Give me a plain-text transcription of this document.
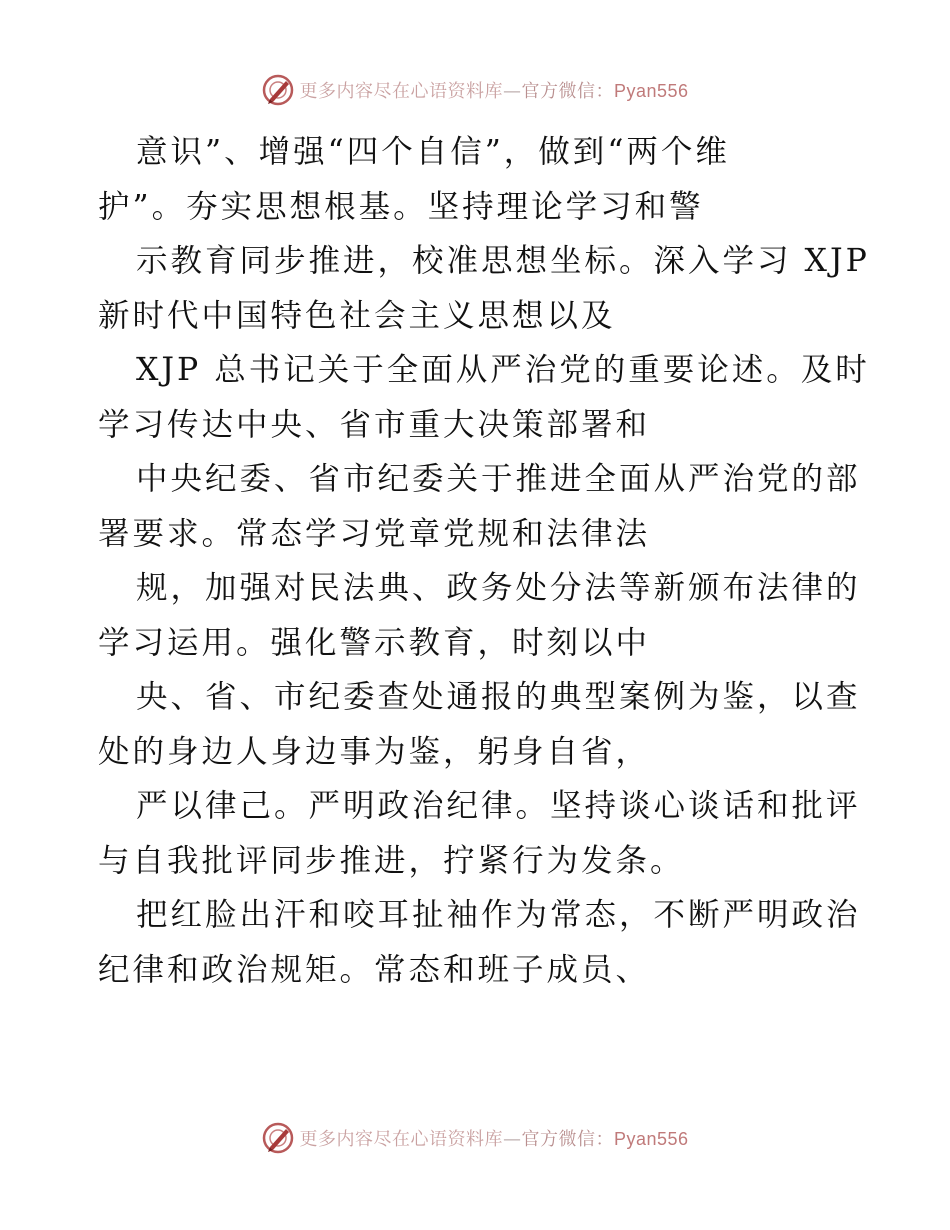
更多内容尽在心语资料库—官方微信：Pyan556
意识”、增强“四个自信”，做到“两个维
护”。夯实思想根基。坚持理论学习和警
示教育同步推进，校准思想坐标。深入学习 XJP
新时代中国特色社会主义思想以及
XJP 总书记关于全面从严治党的重要论述。及时
学习传达中央、省市重大决策部署和
中央纪委、省市纪委关于推进全面从严治党的部
署要求。常态学习党章党规和法律法
规，加强对民法典、政务处分法等新颁布法律的
学习运用。强化警示教育，时刻以中
央、省、市纪委查处通报的典型案例为鉴，以查
处的身边人身边事为鉴，躬身自省，
严以律己。严明政治纪律。坚持谈心谈话和批评
与自我批评同步推进，拧紧行为发条。
把红脸出汗和咬耳扯袖作为常态，不断严明政治
纪律和政治规矩。常态和班子成员、
更多内容尽在心语资料库—官方微信：Pyan556
